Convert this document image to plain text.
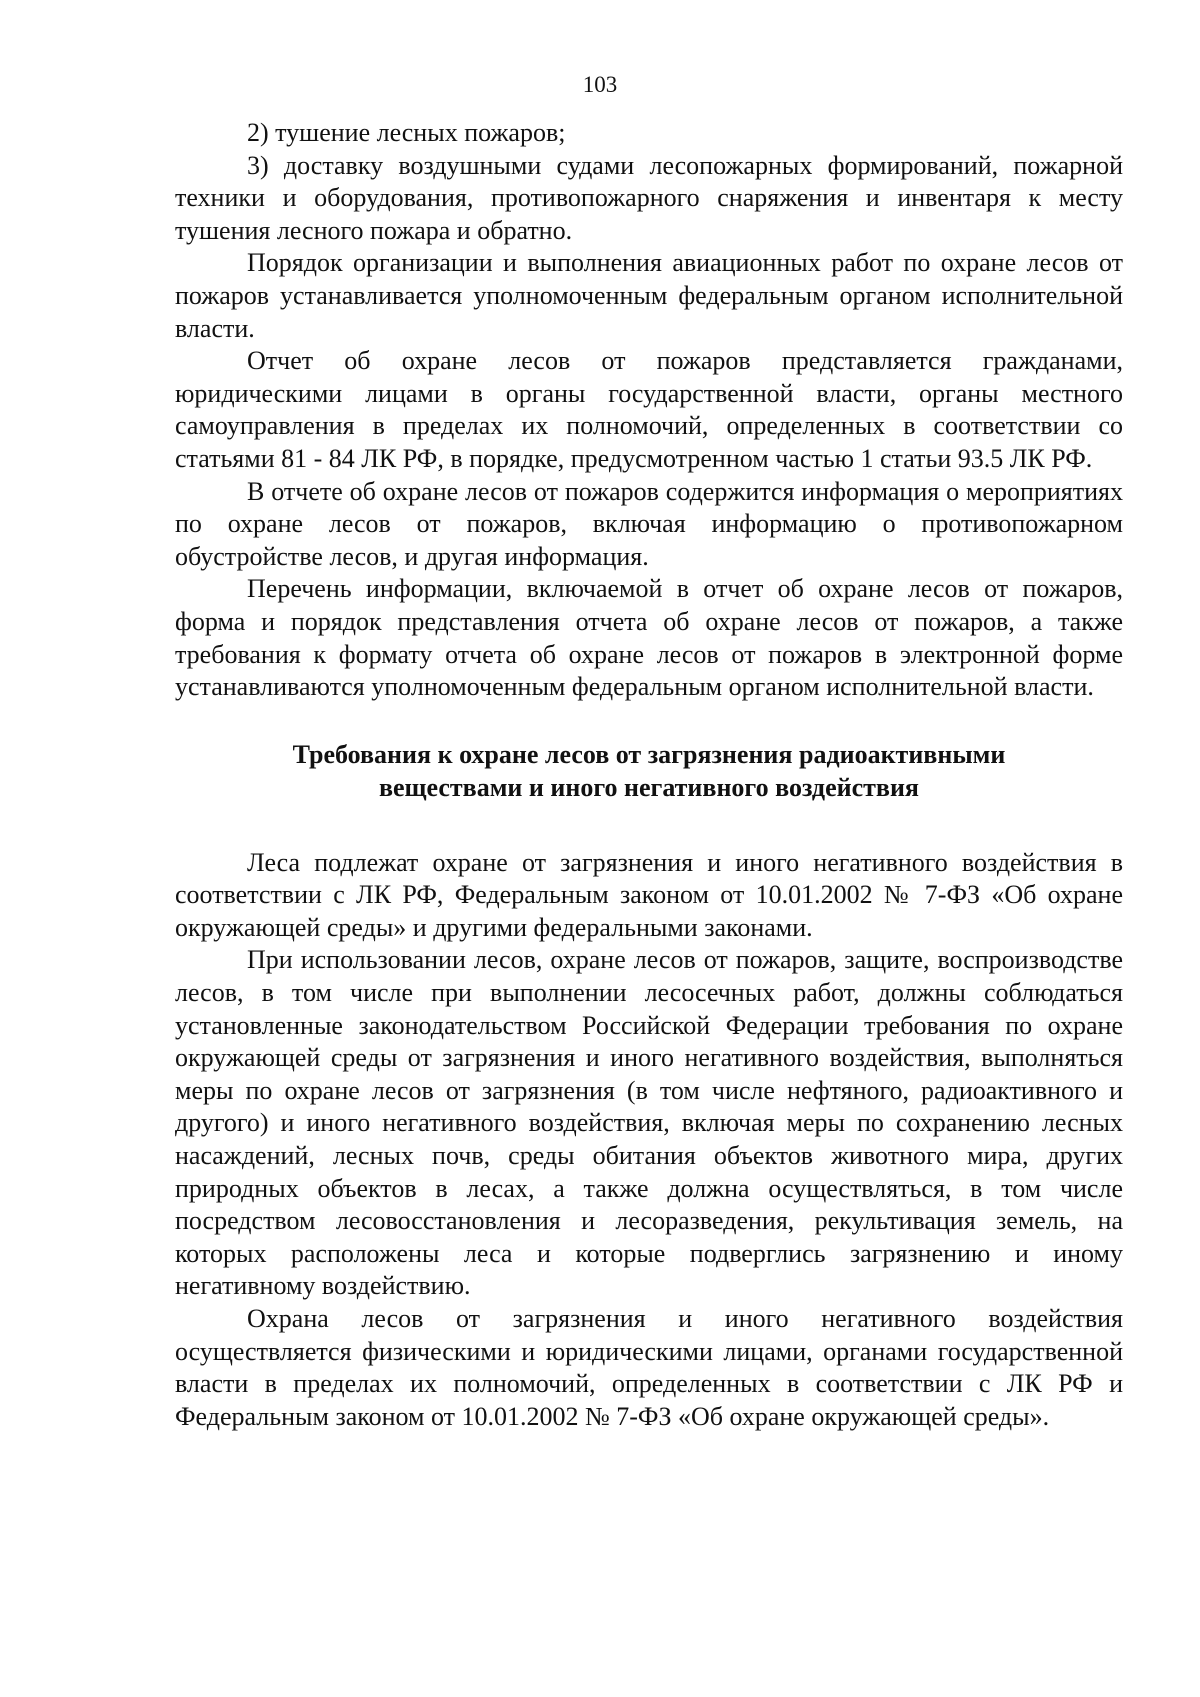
103

2) тушение лесных пожаров;

3) доставку воздушными судами лесопожарных формирований, пожарной техники и оборудования, противопожарного снаряжения и инвентаря к месту тушения лесного пожара и обратно.

Порядок организации и выполнения авиационных работ по охране лесов от пожаров устанавливается уполномоченным федеральным органом исполнительной власти.

Отчет об охране лесов от пожаров представляется гражданами, юридическими лицами в органы государственной власти, органы местного самоуправления в пределах их полномочий, определенных в соответствии со статьями 81 - 84 ЛК РФ, в порядке, предусмотренном частью 1 статьи 93.5 ЛК РФ.

В отчете об охране лесов от пожаров содержится информация о мероприятиях по охране лесов от пожаров, включая информацию о противопожарном обустройстве лесов, и другая информация.

Перечень информации, включаемой в отчет об охране лесов от пожаров, форма и порядок представления отчета об охране лесов от пожаров, а также требования к формату отчета об охране лесов от пожаров в электронной форме устанавливаются уполномоченным федеральным органом исполнительной власти.

Требования к охране лесов от загрязнения радиоактивными
веществами и иного негативного воздействия

Леса подлежат охране от загрязнения и иного негативного воздействия в соответствии с ЛК РФ, Федеральным законом от 10.01.2002 № 7-ФЗ «Об охране окружающей среды» и другими федеральными законами.

При использовании лесов, охране лесов от пожаров, защите, воспроизводстве лесов, в том числе при выполнении лесосечных работ, должны соблюдаться установленные законодательством Российской Федерации требования по охране окружающей среды от загрязнения и иного негативного воздействия, выполняться меры по охране лесов от загрязнения (в том числе нефтяного, радиоактивного и другого) и иного негативного воздействия, включая меры по сохранению лесных насаждений, лесных почв, среды обитания объектов животного мира, других природных объектов в лесах, а также должна осуществляться, в том числе посредством лесовосстановления и лесоразведения, рекультивация земель, на которых расположены леса и которые подверглись загрязнению и иному негативному воздействию.

Охрана лесов от загрязнения и иного негативного воздействия осуществляется физическими и юридическими лицами, органами государственной власти в пределах их полномочий, определенных в соответствии с ЛК РФ и Федеральным законом от 10.01.2002 № 7-ФЗ «Об охране окружающей среды».
